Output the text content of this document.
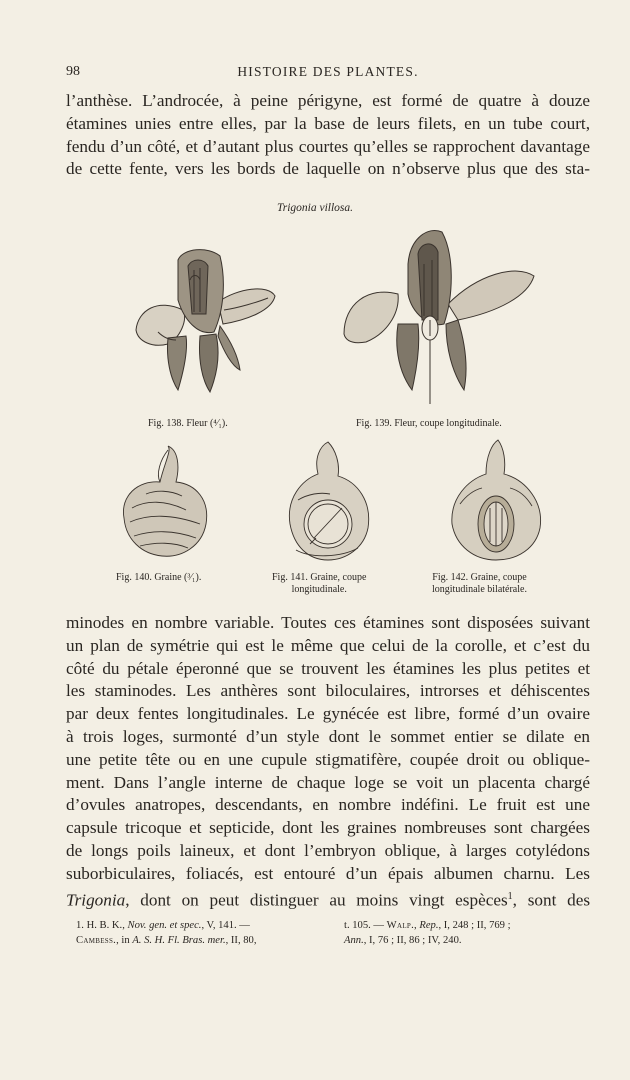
98	HISTOIRE DES PLANTES.
l’anthèse. L’androcée, à peine périgyne, est formé de quatre à douze
étamines unies entre elles, par la base de leurs filets, en un tube court,
fendu d’un côté, et d’autant plus courtes qu’elles se rapprochent davantage
de cette fente, vers les bords de laquelle on n’observe plus que des sta-
Trigonia villosa.
Fig. 138. Fleur (⁴⁄₁).	Fig. 139. Fleur, coupe longitudinale.
Fig. 140. Graine (³⁄₁).	Fig. 141. Graine, coupe
longitudinale.
Fig. 142. Graine, coupe
longitudinale bilatérale.
minodes en nombre variable. Toutes ces étamines sont disposées suivant
un plan de symétrie qui est le même que celui de la corolle, et c’est du
côté du pétale éperonné que se trouvent les étamines les plus petites et
les staminodes. Les anthères sont biloculaires, introrses et déhiscentes
par deux fentes longitudinales. Le gynécée est libre, formé d’un ovaire
à trois loges, surmonté d’un style dont le sommet entier se dilate en
une petite tête ou en une cupule stigmatifère, coupée droit ou oblique-
ment. Dans l’angle interne de chaque loge se voit un placenta chargé
d’ovules anatropes, descendants, en nombre indéfini. Le fruit est une
capsule tricoque et septicide, dont les graines nombreuses sont chargées
de longs poils laineux, et dont l’embryon oblique, à larges cotylédons
suborbiculaires, foliacés, est entouré d’un épais albumen charnu. Les
Trigonia, dont on peut distinguer au moins vingt espèces$^1$, sont des
1. H. B. K., Nov. gen. et spec., V, 141. —	t. 105. — Walp., Rep., I, 248 ; II, 769 ;
Cambess., in A. S. H. Fl. Bras. mer., II, 80,	Ann., I, 76 ; II, 86 ; IV, 240.
